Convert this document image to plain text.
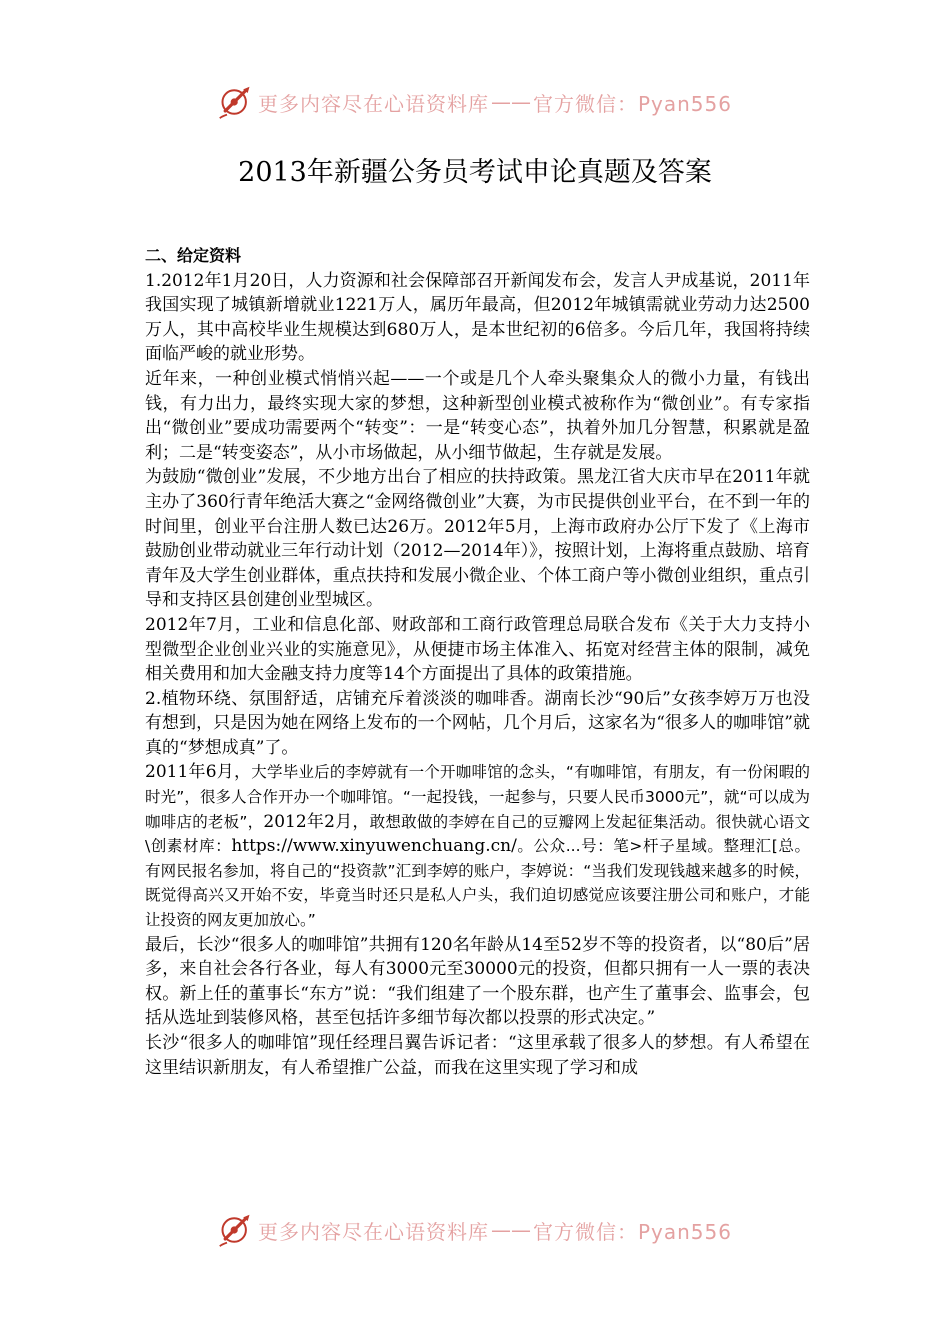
更多内容尽在心语资料库 —— 官方微信：Pyan556
2013年新疆公务员考试申论真题及答案

二、给定资料

1.2012年1月20日，人力资源和社会保障部召开新闻发布会，发言人尹成基说，2011年我国实现了城镇新增就业1221万人，属历年最高，但2012年城镇需就业劳动力达2500万人，其中高校毕业生规模达到680万人，是本世纪初的6倍多。今后几年，我国将持续面临严峻的就业形势。

近年来，一种创业模式悄悄兴起——一个或是几个人牵头聚集众人的微小力量，有钱出钱，有力出力，最终实现大家的梦想，这种新型创业模式被称作为“微创业”。有专家指出“微创业”要成功需要两个“转变”：一是“转变心态”，执着外加几分智慧，积累就是盈利；二是“转变姿态”，从小市场做起，从小细节做起，生存就是发展。

为鼓励“微创业”发展，不少地方出台了相应的扶持政策。黑龙江省大庆市早在2011年就主办了360行青年绝活大赛之“金网络微创业”大赛，为市民提供创业平台，在不到一年的时间里，创业平台注册人数已达26万。2012年5月，上海市政府办公厅下发了《上海市鼓励创业带动就业三年行动计划（2012—2014年）》，按照计划，上海将重点鼓励、培育青年及大学生创业群体，重点扶持和发展小微企业、个体工商户等小微创业组织，重点引导和支持区县创建创业型城区。

2012年7月，工业和信息化部、财政部和工商行政管理总局联合发布《关于大力支持小型微型企业创业兴业的实施意见》，从便捷市场主体准入、拓宽对经营主体的限制，减免相关费用和加大金融支持力度等14个方面提出了具体的政策措施。

2.植物环绕、氛围舒适，店铺充斥着淡淡的咖啡香。湖南长沙“90后”女孩李婷万万也没有想到，只是因为她在网络上发布的一个网帖，几个月后，这家名为“很多人的咖啡馆”就真的“梦想成真”了。

2011年6月，大学毕业后的李婷就有一个开咖啡馆的念头，“有咖啡馆，有朋友，有一份闲暇的时光”，很多人合作开办一个咖啡馆。“一起投钱，一起参与，只要人民币3000元”，就“可以成为咖啡店的老板”，2012年2月，敢想敢做的李婷在自己的豆瓣网上发起征集活动。很快就心语文\创素材库：https://www.xinyuwenchuang.cn/。公众...号：笔>杆子星域。整理汇[总。有网民报名参加，将自己的“投资款”汇到李婷的账户，李婷说：“当我们发现钱越来越多的时候，既觉得高兴又开始不安，毕竟当时还只是私人户头，我们迫切感觉应该要注册公司和账户，才能让投资的网友更加放心。”

最后，长沙“很多人的咖啡馆”共拥有120名年龄从14至52岁不等的投资者，以“80后”居多，来自社会各行各业，每人有3000元至30000元的投资，但都只拥有一人一票的表决权。新上任的董事长“东方”说：“我们组建了一个股东群，也产生了董事会、监事会，包括从选址到装修风格，甚至包括许多细节每次都以投票的形式决定。”

长沙“很多人的咖啡馆”现任经理吕翼告诉记者：“这里承载了很多人的梦想。有人希望在这里结识新朋友，有人希望推广公益，而我在这里实现了学习和成

更多内容尽在心语资料库 —— 官方微信：Pyan556
